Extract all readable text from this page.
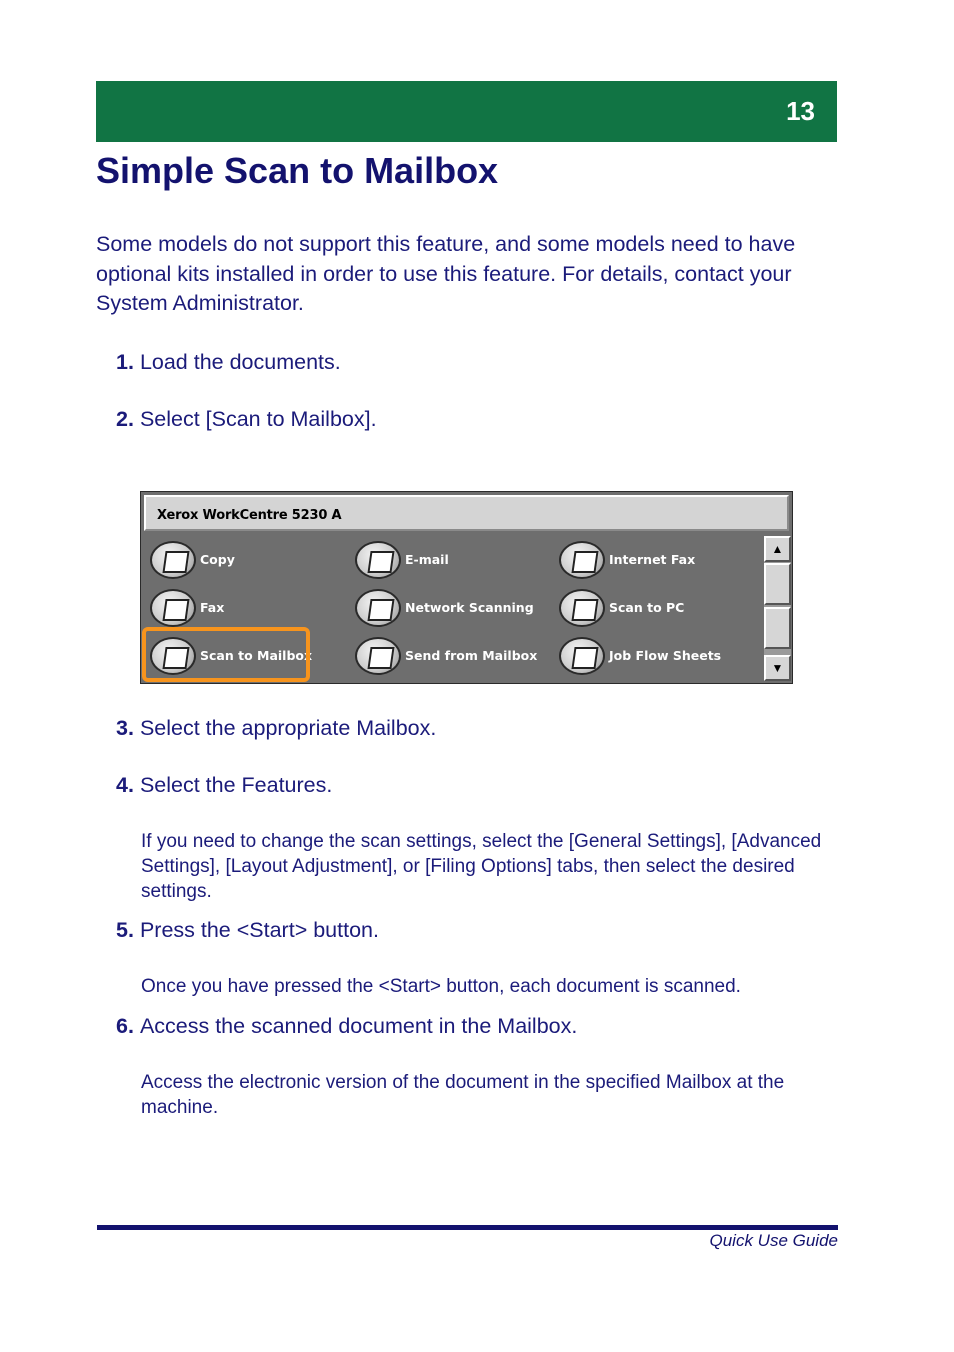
13
Simple Scan to Mailbox

Some models do not support this feature, and some models need to have optional kits installed in order to use this feature. For details, contact your System Administrator.

1. Load the documents.
2. Select [Scan to Mailbox].
Xerox WorkCentre 5230 A
Copy	E-mail	Internet Fax
Fax	Network Scanning	Scan to PC
Scan to Mailbox	Send from Mailbox	Job Flow Sheets
▲
▼
3. Select the appropriate Mailbox.
4. Select the Features.

If you need to change the scan settings, select the [General Settings], [Advanced Settings], [Layout Adjustment], or [Filing Options] tabs, then select the desired settings.

5. Press the <Start> button.

Once you have pressed the <Start> button, each document is scanned.

6. Access the scanned document in the Mailbox.

Access the electronic version of the document in the specified Mailbox at the machine.

Quick Use Guide
